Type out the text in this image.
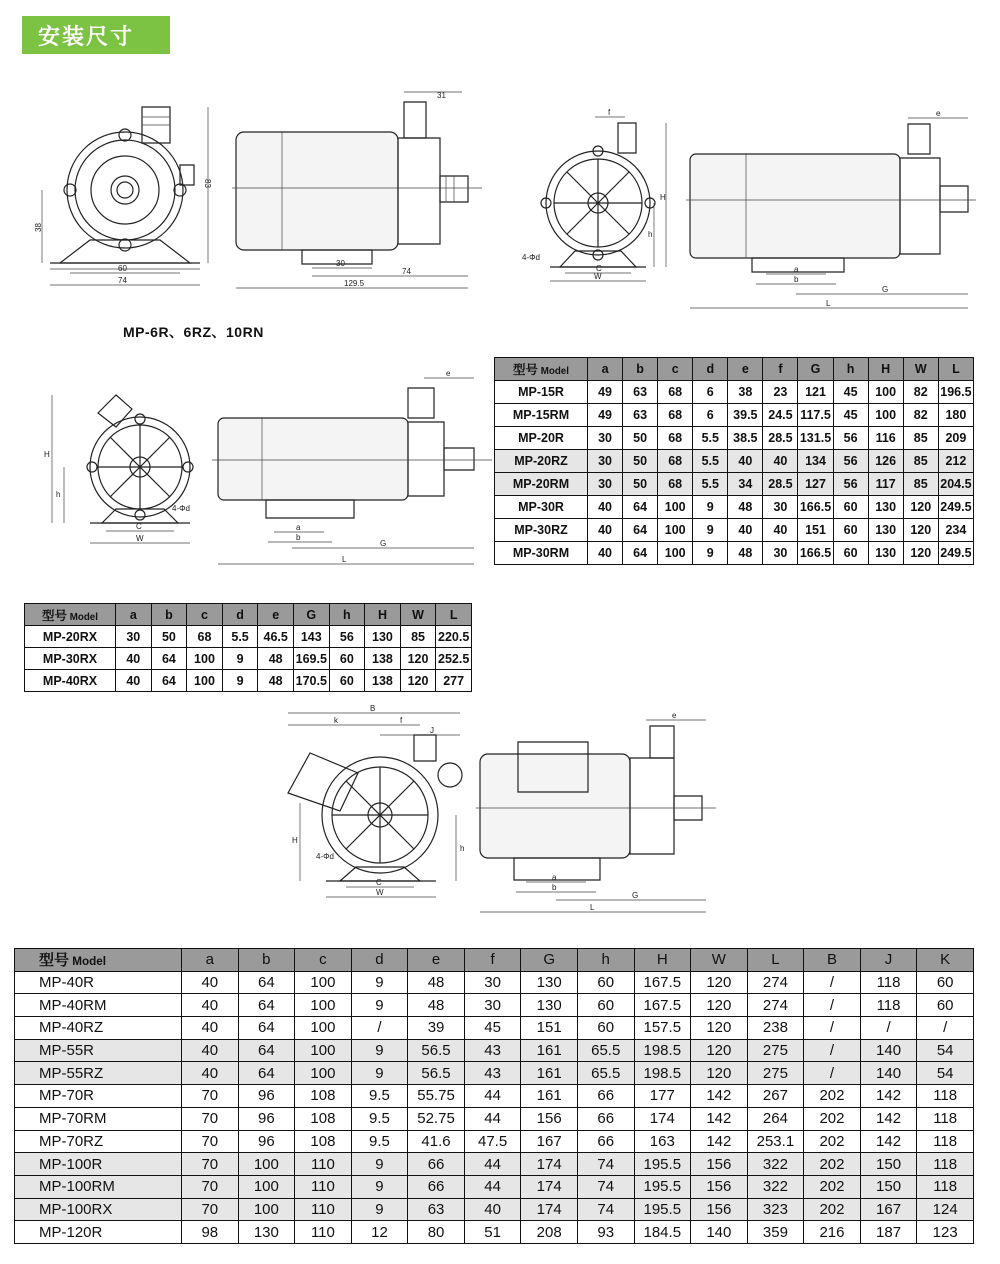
安装尺寸
60
74
38
83
31
30
74
129.5
f
H
h
4-Φd
C
W
e
a
b
G
L
MP-6R、6RZ、10RN
H
h
4-Φd
C
W
e
a
b
G
L
B
k	f
J
H
h
4-Φd
C
W
e
a
b
G
L
型号 Model	a	b	c	d	e	f	G	h	H	W	L
MP-15R	49	63	68	6	38	23	121	45	100	82	196.5
MP-15RM	49	63	68	6	39.5	24.5	117.5	45	100	82	180
MP-20R	30	50	68	5.5	38.5	28.5	131.5	56	116	85	209
MP-20RZ	30	50	68	5.5	40	40	134	56	126	85	212
MP-20RM	30	50	68	5.5	34	28.5	127	56	117	85	204.5
MP-30R	40	64	100	9	48	30	166.5	60	130	120	249.5
MP-30RZ	40	64	100	9	40	40	151	60	130	120	234
MP-30RM	40	64	100	9	48	30	166.5	60	130	120	249.5
型号 Model	a	b	c	d	e	G	h	H	W	L
MP-20RX	30	50	68	5.5	46.5	143	56	130	85	220.5
MP-30RX	40	64	100	9	48	169.5	60	138	120	252.5
MP-40RX	40	64	100	9	48	170.5	60	138	120	277
型号 Model	a	b	c	d	e	f	G	h	H	W	L	B	J	K
MP-40R	40	64	100	9	48	30	130	60	167.5	120	274	/	118	60
MP-40RM	40	64	100	9	48	30	130	60	167.5	120	274	/	118	60
MP-40RZ	40	64	100	/	39	45	151	60	157.5	120	238	/	/	/
MP-55R	40	64	100	9	56.5	43	161	65.5	198.5	120	275	/	140	54
MP-55RZ	40	64	100	9	56.5	43	161	65.5	198.5	120	275	/	140	54
MP-70R	70	96	108	9.5	55.75	44	161	66	177	142	267	202	142	118
MP-70RM	70	96	108	9.5	52.75	44	156	66	174	142	264	202	142	118
MP-70RZ	70	96	108	9.5	41.6	47.5	167	66	163	142	253.1	202	142	118
MP-100R	70	100	110	9	66	44	174	74	195.5	156	322	202	150	118
MP-100RM	70	100	110	9	66	44	174	74	195.5	156	322	202	150	118
MP-100RX	70	100	110	9	63	40	174	74	195.5	156	323	202	167	124
MP-120R	98	130	110	12	80	51	208	93	184.5	140	359	216	187	123
